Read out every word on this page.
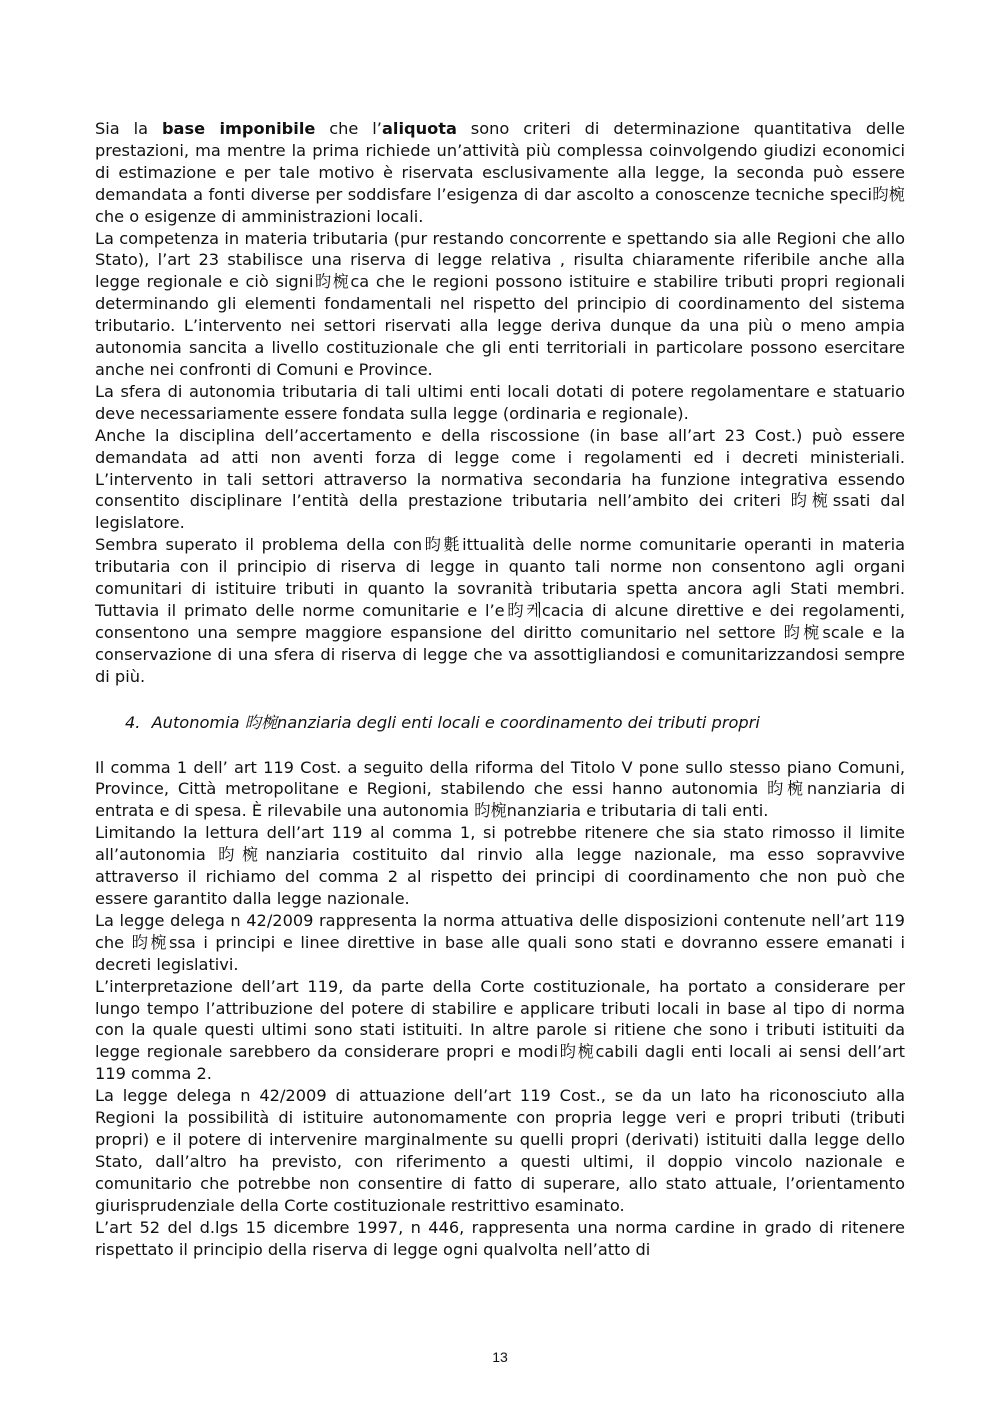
Sia la base imponibile che l’aliquota sono criteri di determinazione quantitativa delle prestazioni, ma mentre la prima richiede un’attività più complessa coinvolgendo giudizi economici di estimazione e per tale motivo è riservata esclusivamente alla legge, la seconda può essere demandata a fonti diverse per soddisfare l’esigenza di dar ascolto a conoscenze tecniche speci昀椀che o esigenze di amministrazioni locali.

La competenza in materia tributaria (pur restando concorrente e spettando sia alle Regioni che allo Stato), l’art 23 stabilisce una riserva di legge relativa , risulta chiaramente riferibile anche alla legge regionale e ciò signi昀椀ca che le regioni possono istituire e stabilire tributi propri regionali determinando gli elementi fondamentali nel rispetto del principio di coordinamento del sistema tributario. L’intervento nei settori riservati alla legge deriva dunque da una più o meno ampia autonomia sancita a livello costituzionale che gli enti territoriali in particolare possono esercitare anche nei confronti di Comuni e Province.

La sfera di autonomia tributaria di tali ultimi enti locali dotati di potere regolamentare e statuario deve necessariamente essere fondata sulla legge (ordinaria e regionale).

Anche la disciplina dell’accertamento e della riscossione (in base all’art 23 Cost.) può essere demandata ad atti non aventi forza di legge come i regolamenti ed i decreti ministeriali. L’intervento in tali settori attraverso la normativa secondaria ha funzione integrativa essendo consentito disciplinare l’entità della prestazione tributaria nell’ambito dei criteri 昀椀ssati dal legislatore.

Sembra superato il problema della con昀氀ittualità delle norme comunitarie operanti in materia tributaria con il principio di riserva di legge in quanto tali norme non consentono agli organi comunitari di istituire tributi in quanto la sovranità tributaria spetta ancora agli Stati membri. Tuttavia il primato delle norme comunitarie e l’e昀케cacia di alcune direttive e dei regolamenti, consentono una sempre maggiore espansione del diritto comunitario nel settore 昀椀scale e la conservazione di una sfera di riserva di legge che va assottigliandosi e comunitarizzandosi sempre di più.

4. Autonomia 昀椀nanziaria degli enti locali e coordinamento dei tributi propri

Il comma 1 dell’ art 119 Cost. a seguito della riforma del Titolo V pone sullo stesso piano Comuni, Province, Città metropolitane e Regioni, stabilendo che essi hanno autonomia 昀椀nanziaria di entrata e di spesa. È rilevabile una autonomia 昀椀nanziaria e tributaria di tali enti.

Limitando la lettura dell’art 119 al comma 1, si potrebbe ritenere che sia stato rimosso il limite all’autonomia 昀椀nanziaria costituito dal rinvio alla legge nazionale, ma esso sopravvive attraverso il richiamo del comma 2 al rispetto dei principi di coordinamento che non può che essere garantito dalla legge nazionale.

La legge delega n 42/2009 rappresenta la norma attuativa delle disposizioni contenute nell’art 119 che 昀椀ssa i principi e linee direttive in base alle quali sono stati e dovranno essere emanati i decreti legislativi.

L’interpretazione dell’art 119, da parte della Corte costituzionale, ha portato a considerare per lungo tempo l’attribuzione del potere di stabilire e applicare tributi locali in base al tipo di norma con la quale questi ultimi sono stati istituiti. In altre parole si ritiene che sono i tributi istituiti da legge regionale sarebbero da considerare propri e modi昀椀cabili dagli enti locali ai sensi dell’art 119 comma 2.

La legge delega n 42/2009 di attuazione dell’art 119 Cost., se da un lato ha riconosciuto alla Regioni la possibilità di istituire autonomamente con propria legge veri e propri tributi (tributi propri) e il potere di intervenire marginalmente su quelli propri (derivati) istituiti dalla legge dello Stato, dall’altro ha previsto, con riferimento a questi ultimi, il doppio vincolo nazionale e comunitario che potrebbe non consentire di fatto di superare, allo stato attuale, l’orientamento giurisprudenziale della Corte costituzionale restrittivo esaminato.

L’art 52 del d.lgs 15 dicembre 1997, n 446, rappresenta una norma cardine in grado di ritenere rispettato il principio della riserva di legge ogni qualvolta nell’atto di

13
